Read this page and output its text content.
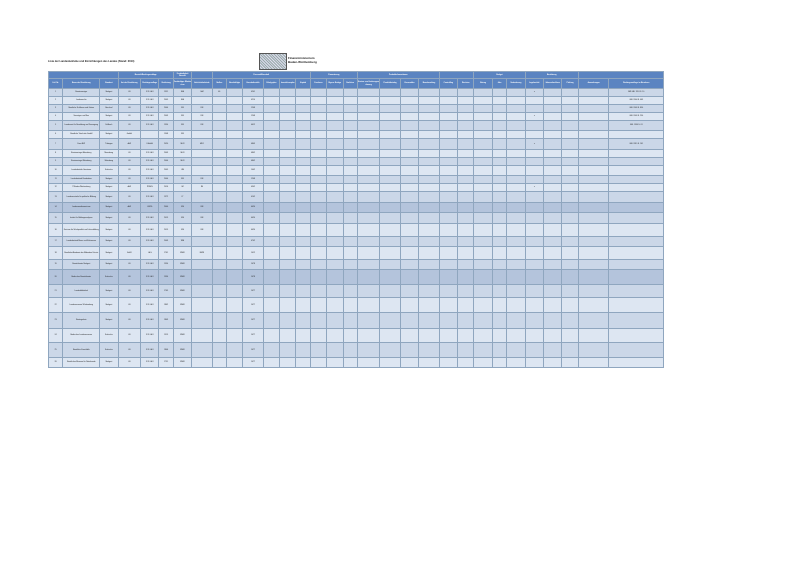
Liste der Landesbetriebe und Einrichtungen des Landes (Stand: 2014)
Finanzministerium
Baden-Württemberg
			Bereich/Rechtsgrundlage			Zuständigkeit Ressort		Personal/Haushalt						Finanzierung			Produktinformationen						Budget			Berichtung				
Lfd. Nr.	Name der Einrichtung	Standort	Art der Einrichtung	Rechtsgrundlage	Errichtung	Zuständiges Ministerium	Aufsichtsbehörde	Stellen	Beschäftigte	Haushaltsstelle	Erfolgsplan	Investitionsplan	Kapital	Zuschuss	Eigene Erträge	Darlehen	Kosten- und Leistungsrechnung	Produktkatalog	Kennzahlen	Benchmarking	Controlling	Revision	Betrag	Jahr	Veränderung	Lagebericht	Jahresabschluss	Prüfung	Anmerkungen	Rechtsgrundlage im Einzelnen
1	Staatsanzeiger	Stuttgart	LB	§ 26 LHO	1951	StM	StM	46		0201																x				BW GBl. 1951 S. 10
2	Landesarchiv	Stuttgart	LB	§ 26 LHO	2005	StM				0210																				GBl. 2004 S. 469
3	Staatliche Schlösser und Gärten	Bruchsal	LB	§ 26 LHO	2004	FM	FM			1208																				GBl. 2003 S. 890
4	Vermögen und Bau	Stuttgart	LB	§ 26 LHO	2003	FM	FM			1208																x				GBl. 2003 S. 290
5	Landesamt für Besoldung und Versorgung	Fellbach	LB	§ 26 LHO	1994	FM	FM			0612																				GBl. 1994 S. 61
6	Staatliche Toto-Lotto GmbH	Stuttgart	GmbH		1948	FM																								
7	Forst BW	Tübingen	AöR	LWaldG	2020	MLR	MLR			0809																x				GBl. 2019 S. 161
8	Staatsweingut Meersburg	Meersburg	LB	§ 26 LHO	2003	MLR				0802																				
9	Staatsweingut Weinsberg	Weinsberg	LB	§ 26 LHO	2004	MLR				0802																				
10	Landesbetrieb Gewässer	Karlsruhe	LB	§ 26 LHO	2005	UM				1002																				
11	Landesbetrieb Bundesbau	Stuttgart	LB	§ 26 LHO	2004	FM	FM			1208																				
12	IT Baden-Württemberg	Stuttgart	AöR	ITBWG	2016	IM	IM			0302																x				
13	Landeszentrale für politische Bildung	Stuttgart	LB	§ 26 LHO	1972	LT				0102																				
14	Landesmedienzentrum	Stuttgart	AöR	LMZG	2000	KM	KM			0420																				
15	Institut für Bildungsanalysen	Stuttgart	LB	§ 26 LHO	2019	KM	KM			0420																				
16	Zentrum für Schulqualität und Lehrerbildung	Stuttgart	LB	§ 26 LHO	2019	KM	KM			0420																				
17	Landesbetrieb Mess- und Eichwesen	Stuttgart	LB	§ 26 LHO	2003	WM				0702																				
18	Staatliche Akademie der Bildenden Künste	Stuttgart	KdöR	LHG	1761	MWK	MWK			1412																				
19	Staatstheater Stuttgart	Stuttgart	LB	§ 26 LHO	1994	MWK				1478																				
20	Badisches Staatstheater	Karlsruhe	LB	§ 26 LHO	1994	MWK				1478																				
21	Landesbibliothek	Stuttgart	LB	§ 26 LHO	1765	MWK				1477																				
22	Landesmuseum Württemberg	Stuttgart	LB	§ 26 LHO	1862	MWK				1477																				
23	Staatsgalerie	Stuttgart	LB	§ 26 LHO	1843	MWK				1477																				
24	Badisches Landesmuseum	Karlsruhe	LB	§ 26 LHO	1919	MWK				1477																				
25	Staatliche Kunsthalle	Karlsruhe	LB	§ 26 LHO	1846	MWK				1477																				
26	Staatliches Museum für Naturkunde	Stuttgart	LB	§ 26 LHO	1791	MWK				1477																				
